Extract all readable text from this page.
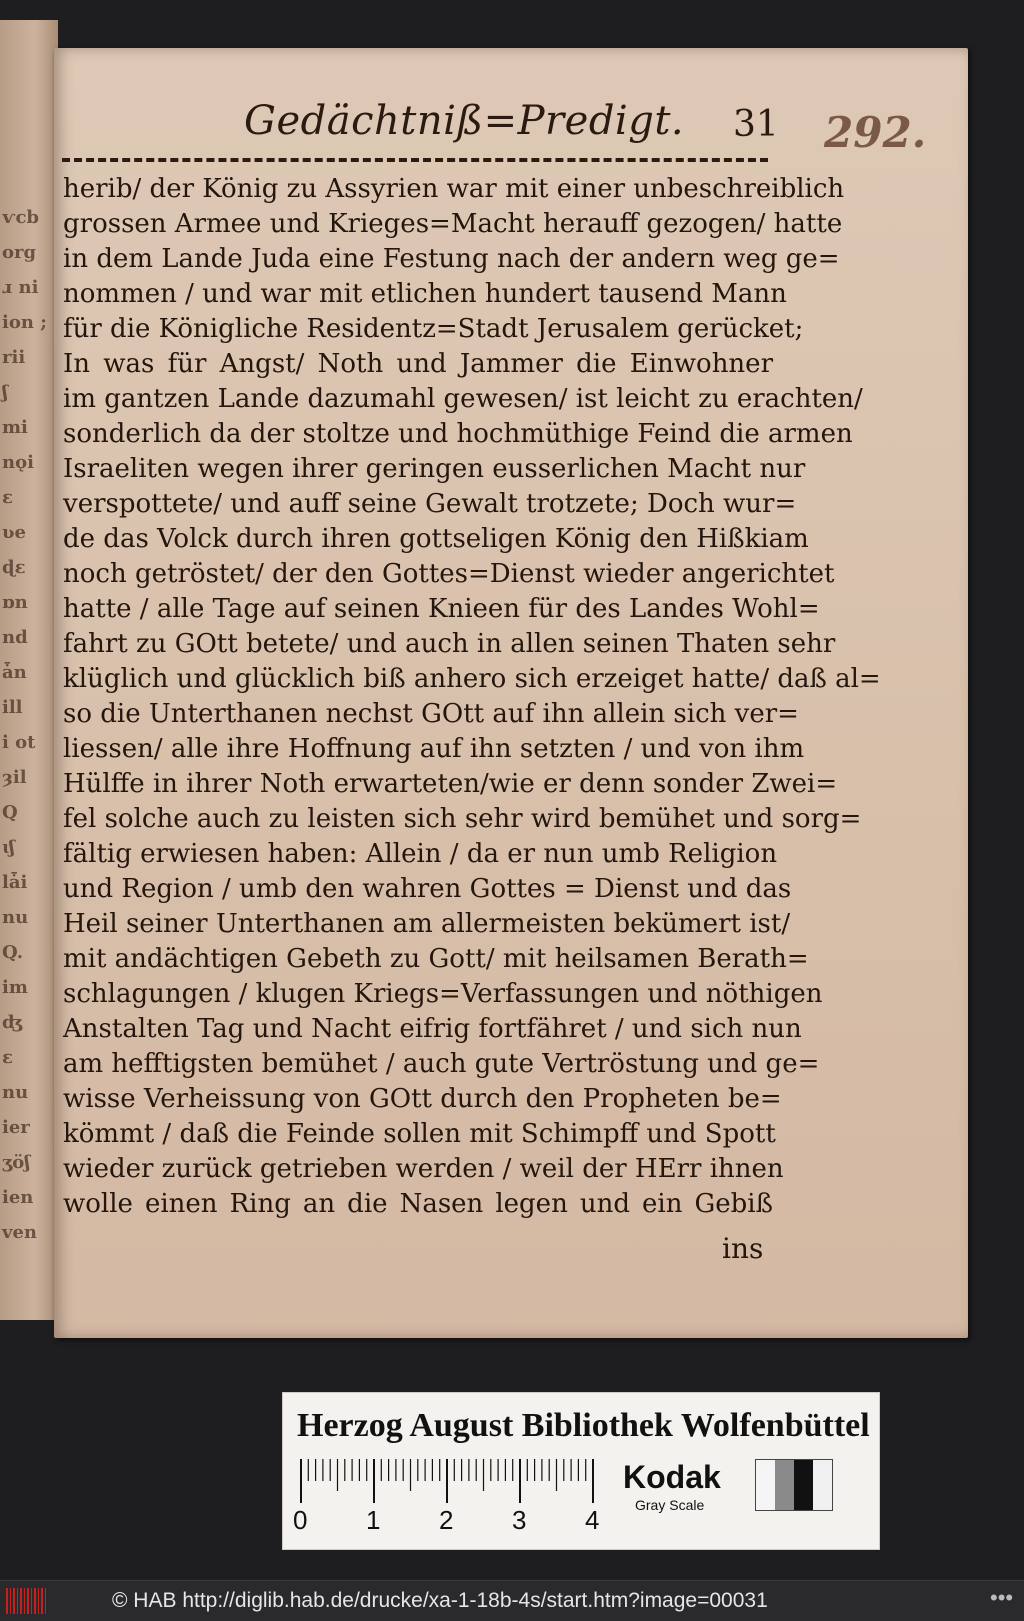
ѵcb
org
ɹ ni
ion ;
rii
ʃ
mi
nǫi
ɛ
ʋe
ɖɛ
ɒn
nd
ǡn
ill
i ot
ȝil
Q
ɩʃ
lǡi
nu
Q.
im
ʤ
ɛ
nu
ier
ʒöʃ
ien
ven
Gedächtniß=Predigt. 31 292.
herib/ der König zu Assyrien war mit einer unbeschreiblich
grossen Armee und Krieges=Macht herauff gezogen/ hatte
in dem Lande Juda eine Festung nach der andern weg ge=
nommen / und war mit etlichen hundert tausend Mann
für die Königliche Residentz=Stadt Jerusalem gerücket;
In was für Angst/ Noth und Jammer die Einwohner
im gantzen Lande dazumahl gewesen/ ist leicht zu erachten/
sonderlich da der stoltze und hochmüthige Feind die armen
Israeliten wegen ihrer geringen eusserlichen Macht nur
verspottete/ und auff seine Gewalt trotzete; Doch wur=
de das Volck durch ihren gottseligen König den Hißkiam
noch getröstet/ der den Gottes=Dienst wieder angerichtet
hatte / alle Tage auf seinen Knieen für des Landes Wohl=
fahrt zu GOtt betete/ und auch in allen seinen Thaten sehr
klüglich und glücklich biß anhero sich erzeiget hatte/ daß al=
so die Unterthanen nechst GOtt auf ihn allein sich ver=
liessen/ alle ihre Hoffnung auf ihn setzten / und von ihm
Hülffe in ihrer Noth erwarteten/wie er denn sonder Zwei=
fel solche auch zu leisten sich sehr wird bemühet und sorg=
fältig erwiesen haben: Allein / da er nun umb Religion
und Region / umb den wahren Gottes = Dienst und das
Heil seiner Unterthanen am allermeisten bekümert ist/
mit andächtigen Gebeth zu Gott/ mit heilsamen Berath=
schlagungen / klugen Kriegs=Verfassungen und nöthigen
Anstalten Tag und Nacht eifrig fortfähret / und sich nun
am hefftigsten bemühet / auch gute Vertröstung und ge=
wisse Verheissung von GOtt durch den Propheten be=
kömmt / daß die Feinde sollen mit Schimpff und Spott
wieder zurück getrieben werden / weil der HErr ihnen
wolle einen Ring an die Nasen legen und ein Gebiß
ins
Herzog August Bibliothek Wolfenbüttel
0 1 2 3 4
Kodak
Gray Scale
© HAB http://diglib.hab.de/drucke/xa-1-18b-4s/start.htm?image=00031	•••
